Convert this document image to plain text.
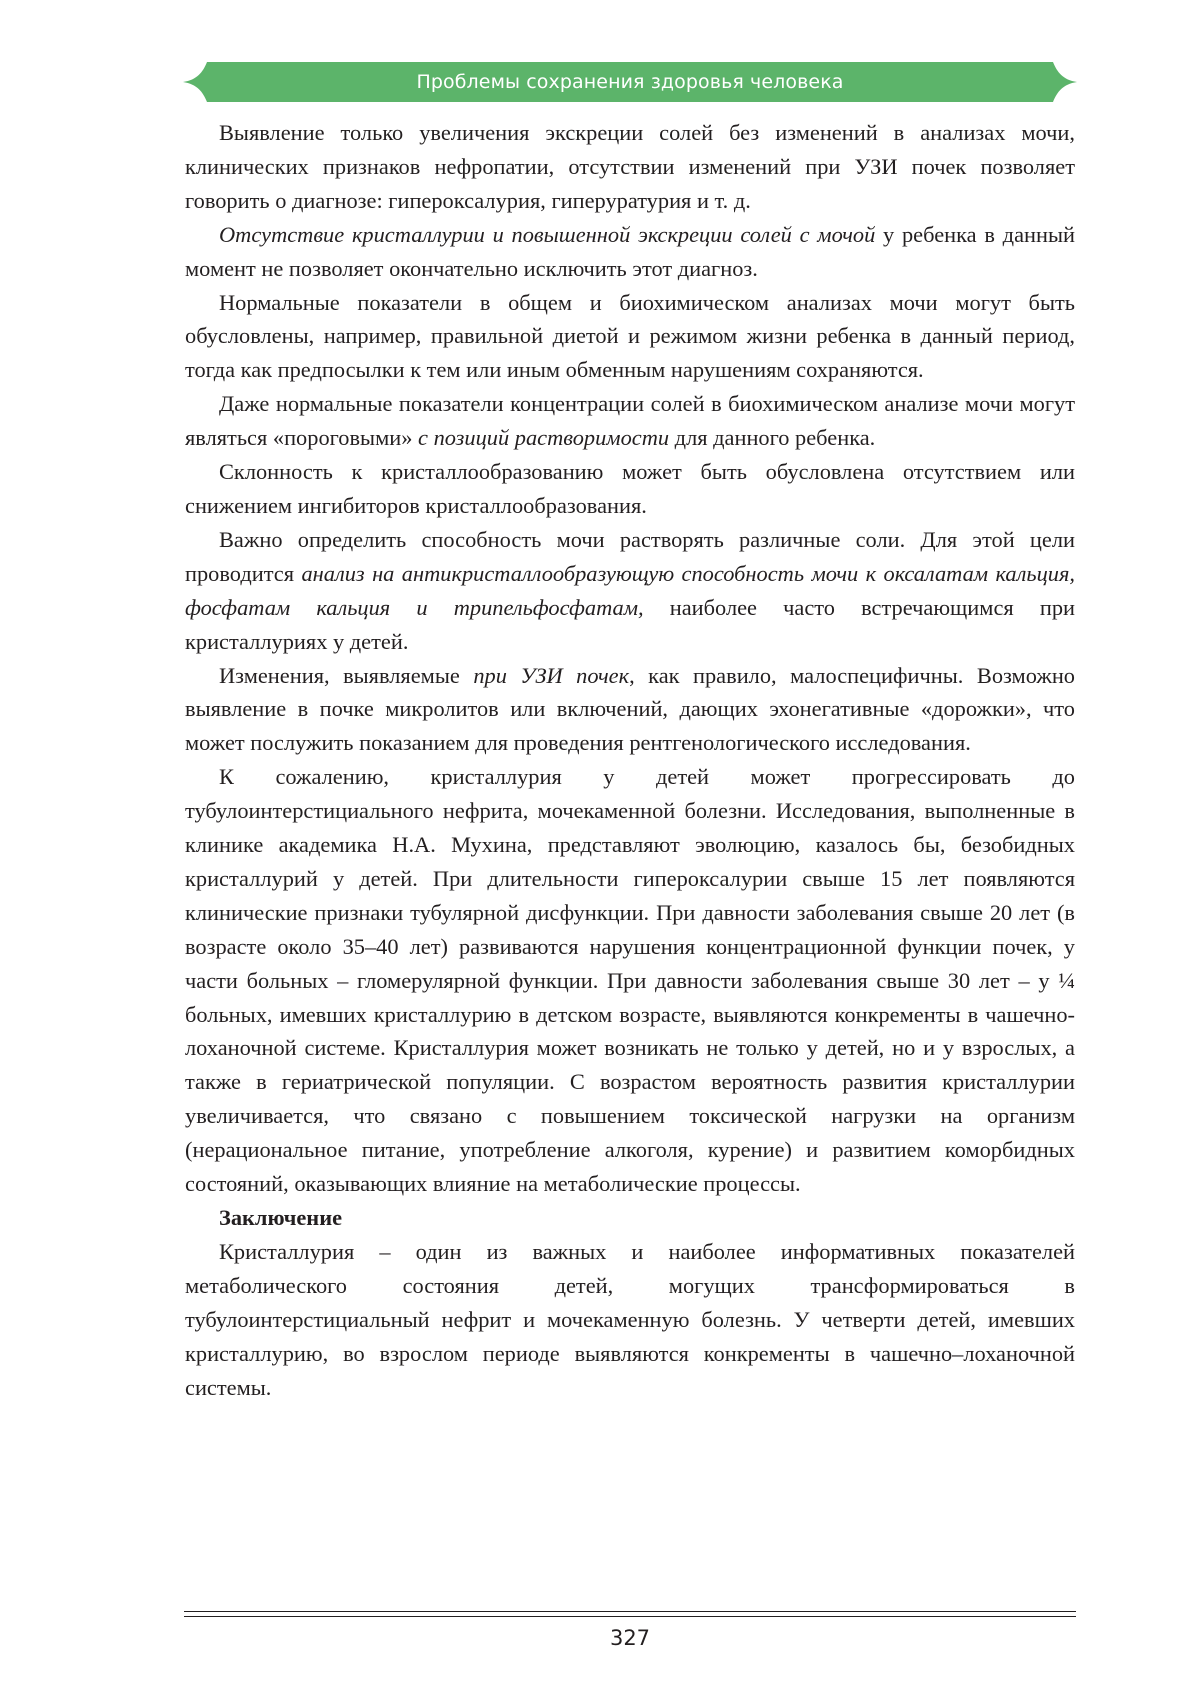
Проблемы сохранения здоровья человека

Выявление только увеличения экскреции солей без изменений в анализах мочи, клинических признаков нефропатии, отсутствии изменений при УЗИ почек позволяет говорить о диагнозе: гипероксалурия, гиперуратурия и т. д.

Отсутствие кристаллурии и повышенной экскреции солей с мочой у ребенка в данный момент не позволяет окончательно исключить этот диагноз.

Нормальные показатели в общем и биохимическом анализах мочи могут быть обусловлены, например, правильной диетой и режимом жизни ребенка в данный период, тогда как предпосылки к тем или иным обменным нарушениям сохраняются.

Даже нормальные показатели концентрации солей в биохимическом анализе мочи могут являться «пороговыми» с позиций растворимости для данного ребенка.

Склонность к кристаллообразованию может быть обусловлена отсутствием или снижением ингибиторов кристаллообразования.

Важно определить способность мочи растворять различные соли. Для этой цели проводится анализ на антикристаллообразующую способность мочи к оксалатам кальция, фосфатам кальция и трипельфосфатам, наиболее часто встречающимся при кристаллуриях у детей.

Изменения, выявляемые при УЗИ почек, как правило, малоспецифичны. Возможно выявление в почке микролитов или включений, дающих эхонегативные «дорожки», что может послужить показанием для проведения рентгенологического исследования.

К сожалению, кристаллурия у детей может прогрессировать до тубулоинтерстициального нефрита, мочекаменной болезни. Исследования, выполненные в клинике академика Н.А. Мухина, представляют эволюцию, казалось бы, безобидных кристаллурий у детей. При длительности гипероксалурии свыше 15 лет появляются клинические признаки тубулярной дисфункции. При давности заболевания свыше 20 лет (в возрасте около 35–40 лет) развиваются нарушения концентрационной функции почек, у части больных – гломерулярной функции. При давности заболевания свыше 30 лет – у ¼ больных, имевших кристаллурию в детском возрасте, выявляются конкременты в чашечно-лоханочной системе. Кристаллурия может возникать не только у детей, но и у взрослых, а также в гериатрической популяции. С возрастом вероятность развития кристаллурии увеличивается, что связано с повышением токсической нагрузки на организм (нерациональное питание, употребление алкоголя, курение) и развитием коморбидных состояний, оказывающих влияние на метаболические процессы.

Заключение

Кристаллурия – один из важных и наиболее информативных показателей метаболического состояния детей, могущих трансформироваться в тубулоинтерстициальный нефрит и мочекаменную болезнь. У четверти детей, имевших кристаллурию, во взрослом периоде выявляются конкременты в чашечно–лоханочной системы.

327
